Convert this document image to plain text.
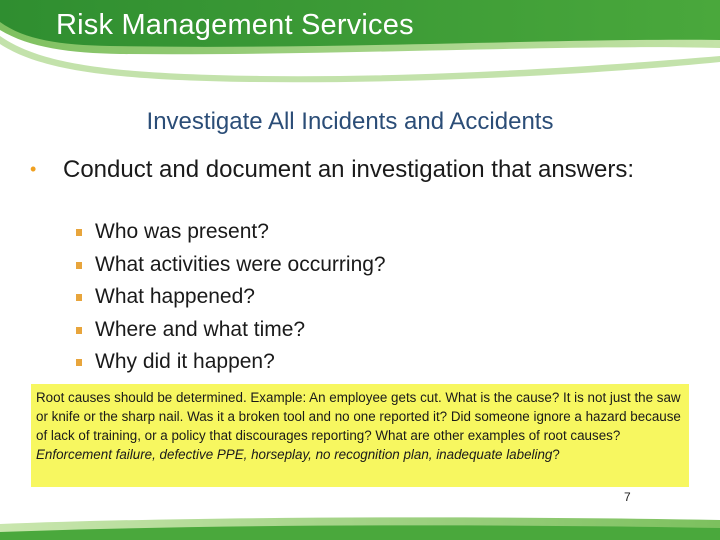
Risk Management Services
Investigate All Incidents and Accidents
• Conduct and document an investigation that answers:
Who was present?
What activities were occurring?
What happened?
Where and what time?
Why did it happen?
Root causes should be determined. Example: An employee gets cut. What is the cause? It is not just the saw or knife or the sharp nail. Was it a broken tool and no one reported it? Did someone ignore a hazard because of lack of training, or a policy that discourages reporting? What are other examples of root causes? Enforcement failure, defective PPE, horseplay, no recognition plan, inadequate labeling?
7
